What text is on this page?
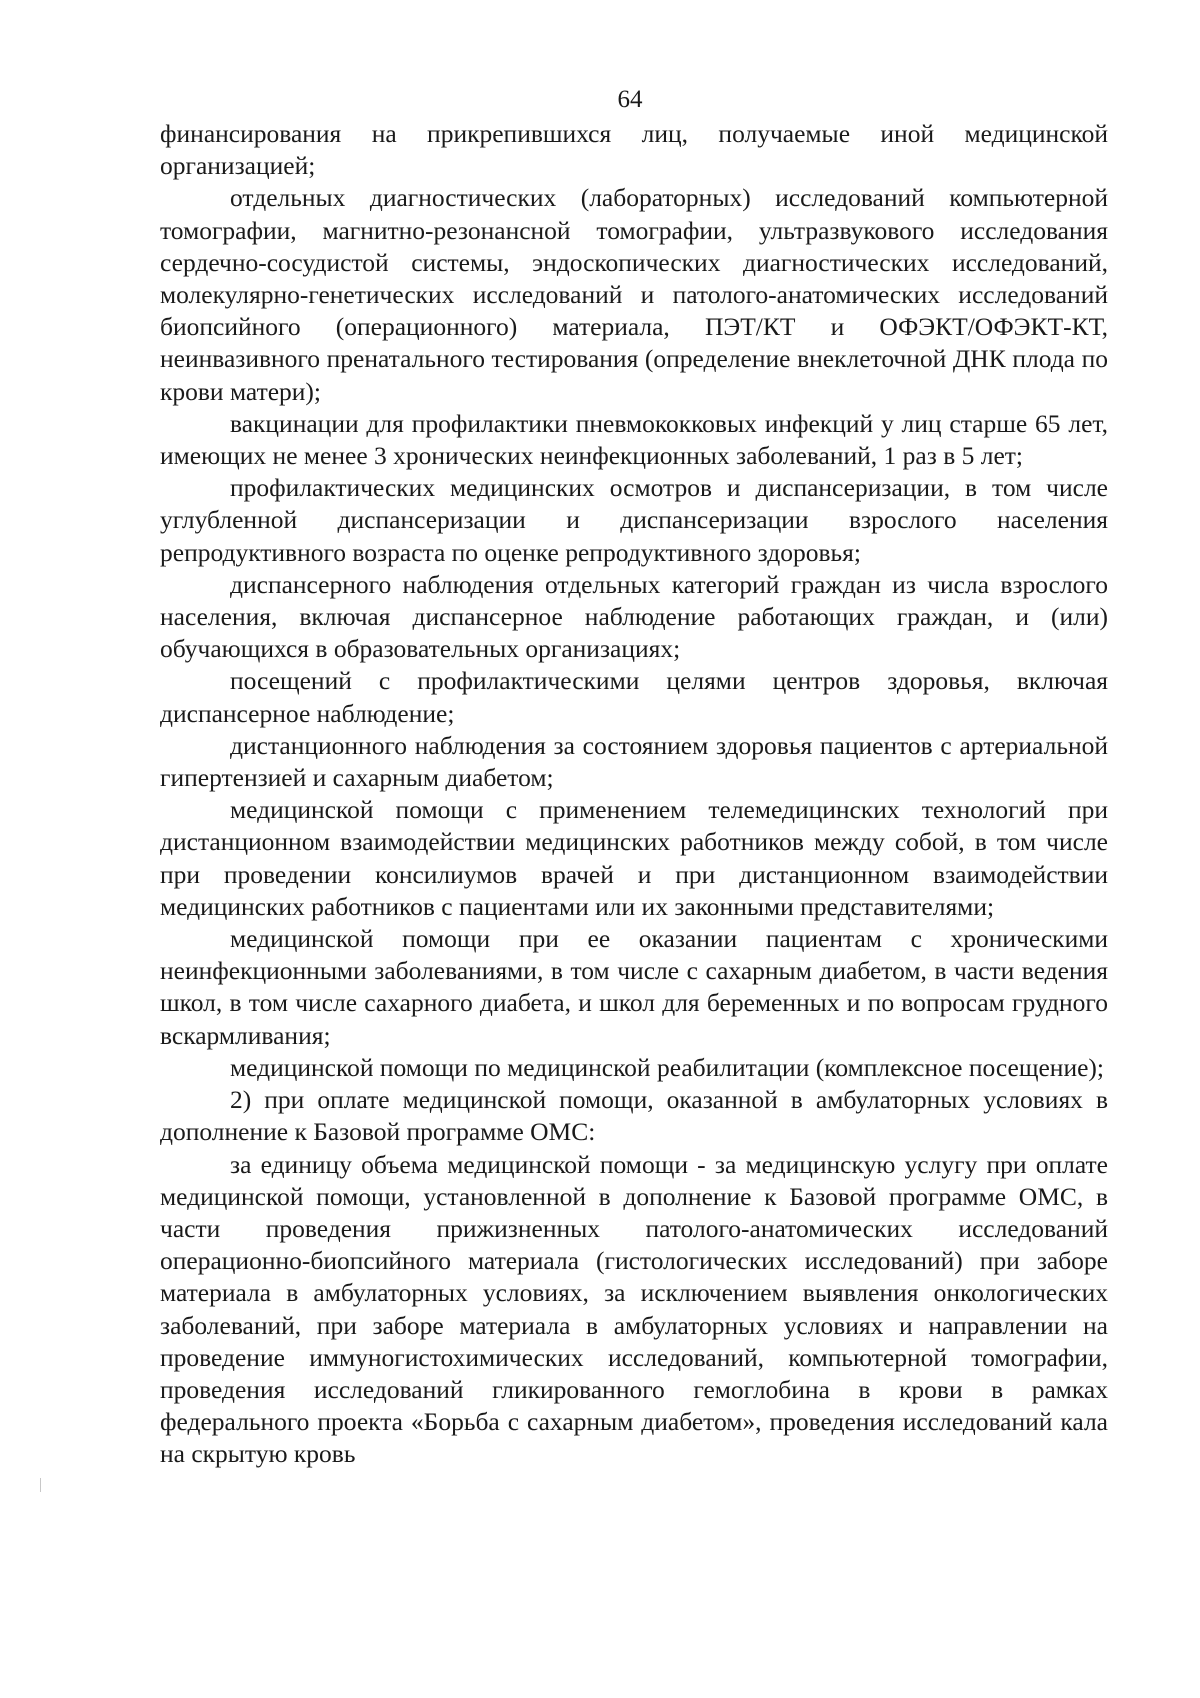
64

финансирования на прикрепившихся лиц, получаемые иной медицинской организацией;

отдельных диагностических (лабораторных) исследований компьютерной томографии, магнитно-резонансной томографии, ультразвукового исследования сердечно-сосудистой системы, эндоскопических диагностических исследований, молекулярно-генетических исследований и патолого-анатомических исследований биопсийного (операционного) материала, ПЭТ/КТ и ОФЭКТ/ОФЭКТ-КТ, неинвазивного пренатального тестирования (определение внеклеточной ДНК плода по крови матери);

вакцинации для профилактики пневмококковых инфекций у лиц старше 65 лет, имеющих не менее 3 хронических неинфекционных заболеваний, 1 раз в 5 лет;

профилактических медицинских осмотров и диспансеризации, в том числе углубленной диспансеризации и диспансеризации взрослого населения репродуктивного возраста по оценке репродуктивного здоровья;

диспансерного наблюдения отдельных категорий граждан из числа взрослого населения, включая диспансерное наблюдение работающих граждан, и (или) обучающихся в образовательных организациях;

посещений с профилактическими целями центров здоровья, включая диспансерное наблюдение;

дистанционного наблюдения за состоянием здоровья пациентов с артериальной гипертензией и сахарным диабетом;

медицинской помощи с применением телемедицинских технологий при дистанционном взаимодействии медицинских работников между собой, в том числе при проведении консилиумов врачей и при дистанционном взаимодействии медицинских работников с пациентами или их законными представителями;

медицинской помощи при ее оказании пациентам с хроническими неинфекционными заболеваниями, в том числе с сахарным диабетом, в части ведения школ, в том числе сахарного диабета, и школ для беременных и по вопросам грудного вскармливания;

медицинской помощи по медицинской реабилитации (комплексное посещение);

2) при оплате медицинской помощи, оказанной в амбулаторных условиях в дополнение к Базовой программе ОМС:

за единицу объема медицинской помощи - за медицинскую услугу при оплате медицинской помощи, установленной в дополнение к Базовой программе ОМС, в части проведения прижизненных патолого-анатомических исследований операционно-биопсийного материала (гистологических исследований) при заборе материала в амбулаторных условиях, за исключением выявления онкологических заболеваний, при заборе материала в амбулаторных условиях и направлении на проведение иммуногистохимических исследований, компьютерной томографии, проведения исследований гликированного гемоглобина в крови в рамках федерального проекта «Борьба с сахарным диабетом», проведения исследований кала на скрытую кровь
